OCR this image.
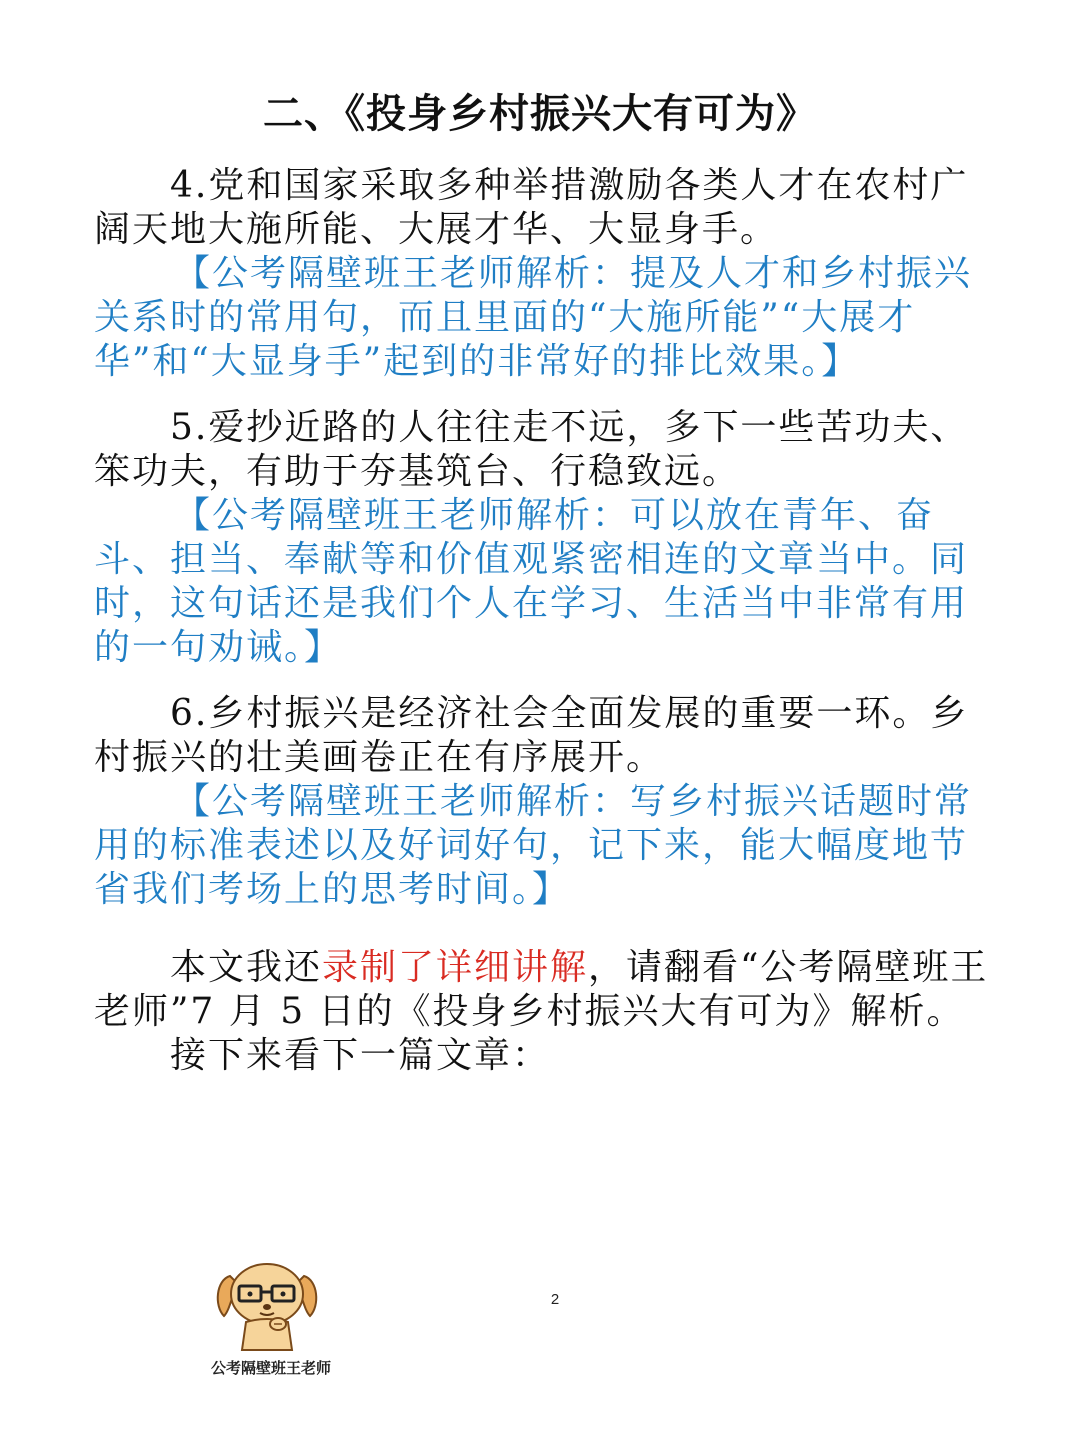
二、《投身乡村振兴大有可为》

4.党和国家采取多种举措激励各类人才在农村广阔天地大施所能、大展才华、大显身手。

【公考隔壁班王老师解析：提及人才和乡村振兴关系时的常用句，而且里面的“大施所能”“大展才华”和“大显身手”起到的非常好的排比效果。】

5.爱抄近路的人往往走不远，多下一些苦功夫、笨功夫，有助于夯基筑台、行稳致远。

【公考隔壁班王老师解析：可以放在青年、奋斗、担当、奉献等和价值观紧密相连的文章当中。同时，这句话还是我们个人在学习、生活当中非常有用的一句劝诫。】

6.乡村振兴是经济社会全面发展的重要一环。乡村振兴的壮美画卷正在有序展开。

【公考隔壁班王老师解析：写乡村振兴话题时常用的标准表述以及好词好句，记下来，能大幅度地节省我们考场上的思考时间。】

本文我还录制了详细讲解，请翻看“公考隔壁班王老师”7 月 5 日的《投身乡村振兴大有可为》解析。

接下来看下一篇文章：

公考隔壁班王老师
2
